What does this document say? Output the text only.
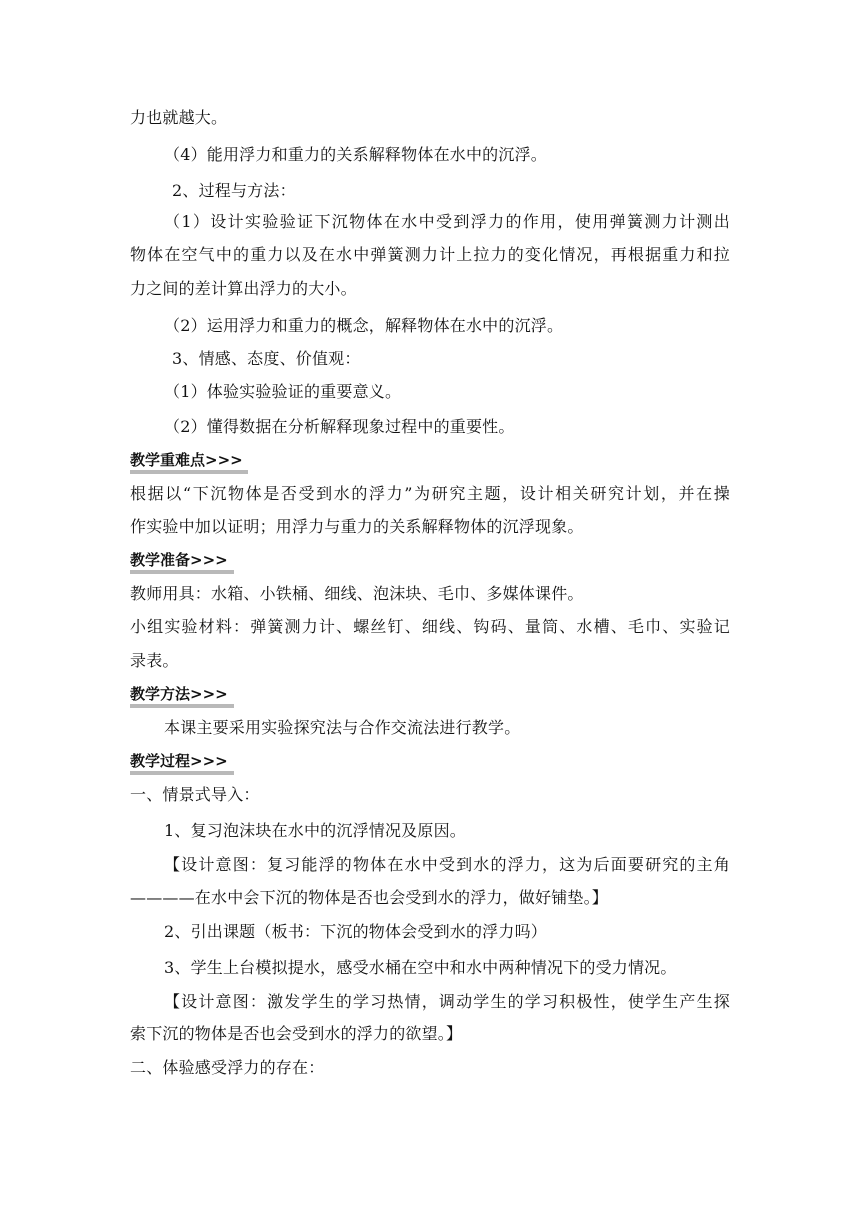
力也就越大。
（4）能用浮力和重力的关系解释物体在水中的沉浮。
2、过程与方法：
（1）设计实验验证下沉物体在水中受到浮力的作用，使用弹簧测力计测出
物体在空气中的重力以及在水中弹簧测力计上拉力的变化情况，再根据重力和拉
力之间的差计算出浮力的大小。
（2）运用浮力和重力的概念，解释物体在水中的沉浮。
3、情感、态度、价值观：
（1）体验实验验证的重要意义。
（2）懂得数据在分析解释现象过程中的重要性。
教学重难点>>>
根据以“下沉物体是否受到水的浮力”为研究主题，设计相关研究计划，并在操
作实验中加以证明；用浮力与重力的关系解释物体的沉浮现象。
教学准备>>>
教师用具：水箱、小铁桶、细线、泡沫块、毛巾、多媒体课件。
小组实验材料：弹簧测力计、螺丝钉、细线、钩码、量筒、水槽、毛巾、实验记
录表。
教学方法>>>
本课主要采用实验探究法与合作交流法进行教学。
教学过程>>>
一、情景式导入：
1、复习泡沫块在水中的沉浮情况及原因。
【设计意图：复习能浮的物体在水中受到水的浮力，这为后面要研究的主角
————在水中会下沉的物体是否也会受到水的浮力，做好铺垫。】
2、引出课题（板书：下沉的物体会受到水的浮力吗）
3、学生上台模拟提水，感受水桶在空中和水中两种情况下的受力情况。
【设计意图：激发学生的学习热情，调动学生的学习积极性，使学生产生探
索下沉的物体是否也会受到水的浮力的欲望。】
二、体验感受浮力的存在：
